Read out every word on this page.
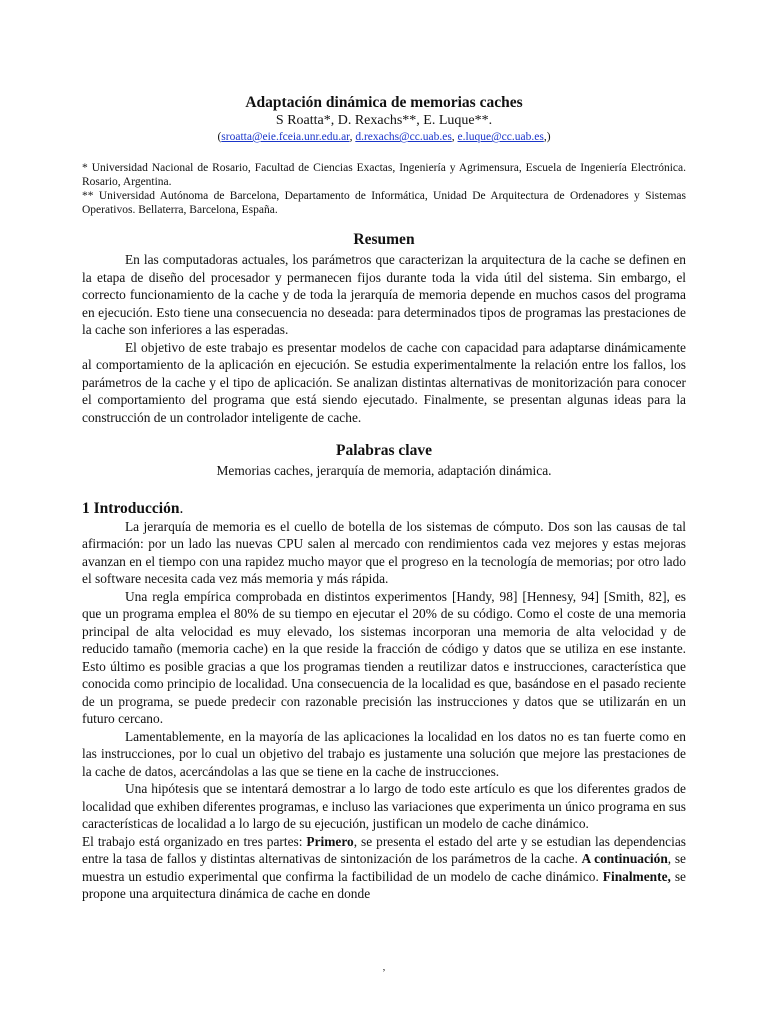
Adaptación dinámica de memorias caches
S Roatta*, D. Rexachs**, E. Luque**.
(sroatta@eie.fceia.unr.edu.ar, d.rexachs@cc.uab.es, e.luque@cc.uab.es,)

* Universidad Nacional de Rosario, Facultad de Ciencias Exactas, Ingeniería y Agrimensura, Escuela de Ingeniería Electrónica. Rosario, Argentina.

** Universidad Autónoma de Barcelona, Departamento de Informática, Unidad De Arquitectura de Ordenadores y Sistemas Operativos. Bellaterra, Barcelona, España.

Resumen

En las computadoras actuales, los parámetros que caracterizan la arquitectura de la cache se definen en la etapa de diseño del procesador y permanecen fijos durante toda la vida útil del sistema. Sin embargo, el correcto funcionamiento de la cache y de toda la jerarquía de memoria depende en muchos casos del programa en ejecución. Esto tiene una consecuencia no deseada: para determinados tipos de programas las prestaciones de la cache son inferiores a las esperadas.

El objetivo de este trabajo es presentar modelos de cache con capacidad para adaptarse dinámicamente al comportamiento de la aplicación en ejecución. Se estudia experimentalmente la relación entre los fallos, los parámetros de la cache y el tipo de aplicación. Se analizan distintas alternativas de monitorización para conocer el comportamiento del programa que está siendo ejecutado. Finalmente, se presentan algunas ideas para la construcción de un controlador inteligente de cache.

Palabras clave
Memorias caches, jerarquía de memoria, adaptación dinámica.
1 Introducción.

La jerarquía de memoria es el cuello de botella de los sistemas de cómputo. Dos son las causas de tal afirmación: por un lado las nuevas CPU salen al mercado con rendimientos cada vez mejores y estas mejoras avanzan en el tiempo con una rapidez mucho mayor que el progreso en la tecnología de memorias; por otro lado el software necesita cada vez más memoria y más rápida.

Una regla empírica comprobada en distintos experimentos [Handy, 98] [Hennesy, 94] [Smith, 82], es que un programa emplea el 80% de su tiempo en ejecutar el 20% de su código. Como el coste de una memoria principal de alta velocidad es muy elevado, los sistemas incorporan una memoria de alta velocidad y de reducido tamaño (memoria cache) en la que reside la fracción de código y datos que se utiliza en ese instante. Esto último es posible gracias a que los programas tienden a reutilizar datos e instrucciones, característica que conocida como principio de localidad. Una consecuencia de la localidad es que, basándose en el pasado reciente de un programa, se puede predecir con razonable precisión las instrucciones y datos que se utilizarán en un futuro cercano.

Lamentablemente, en la mayoría de las aplicaciones la localidad en los datos no es tan fuerte como en las instrucciones, por lo cual un objetivo del trabajo es justamente una solución que mejore las prestaciones de la cache de datos, acercándolas a las que se tiene en la cache de instrucciones.

Una hipótesis que se intentará demostrar a lo largo de todo este artículo es que los diferentes grados de localidad que exhiben diferentes programas, e incluso las variaciones que experimenta un único programa en sus características de localidad a lo largo de su ejecución, justifican un modelo de cache dinámico.

El trabajo está organizado en tres partes: Primero, se presenta el estado del arte y se estudian las dependencias entre la tasa de fallos y distintas alternativas de sintonización de los parámetros de la cache. A continuación, se muestra un estudio experimental que confirma la factibilidad de un modelo de cache dinámico. Finalmente, se propone una arquitectura dinámica de cache en donde

,
